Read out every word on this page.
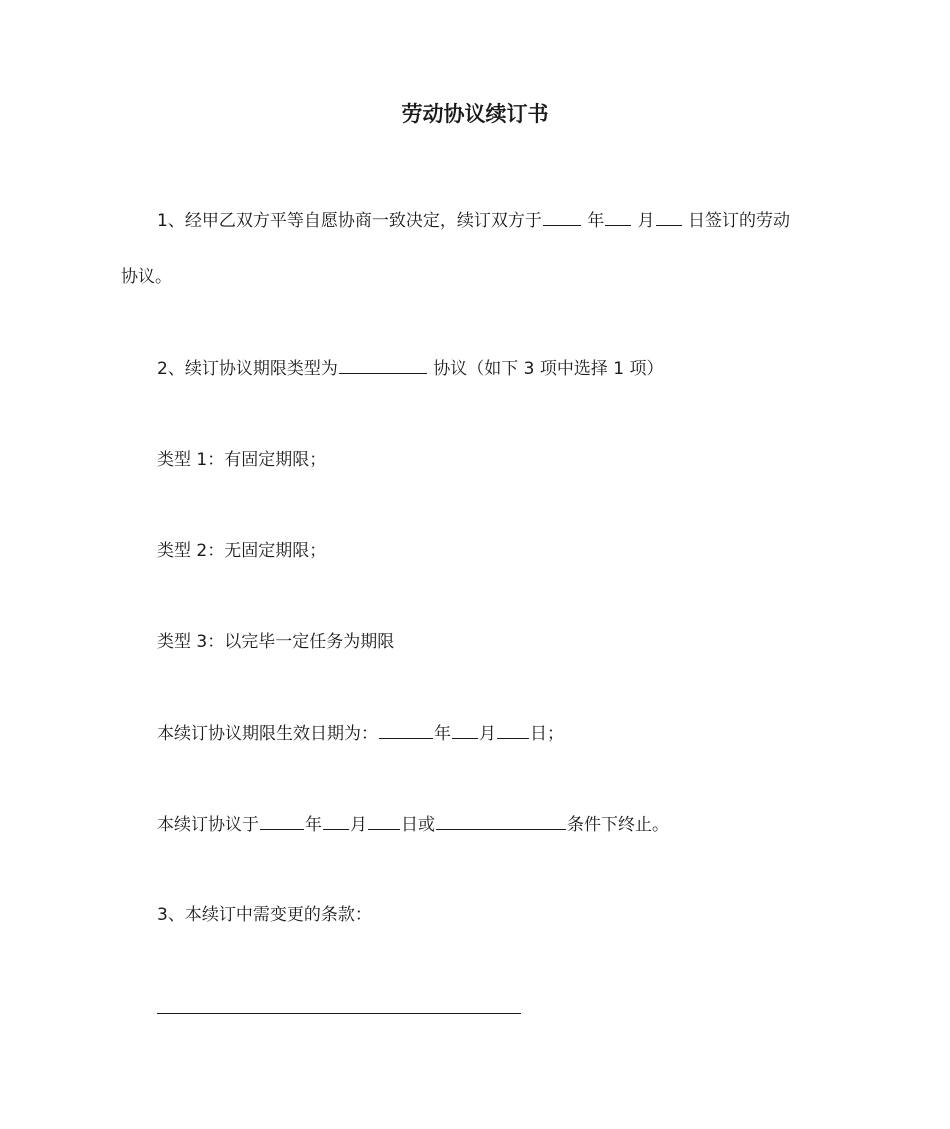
劳动协议续订书
1、经甲乙双方平等自愿协商一致决定，续订双方于	年 月 日签订的劳动
协议。
2、续订协议期限类型为	协议（如下 3 项中选择 1 项）
类型 1：有固定期限；
类型 2：无固定期限；
类型 3：以完毕一定任务为期限
本续订协议期限生效日期为：	年 月 日；
本续订协议于	年 月 日或	条件下终止。
3、本续订中需变更的条款：
